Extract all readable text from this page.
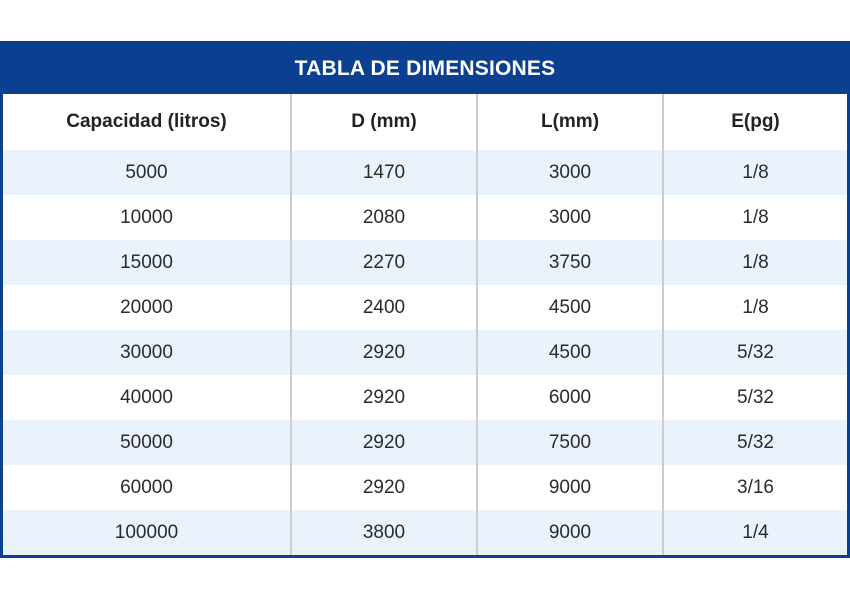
TABLA DE DIMENSIONES
Capacidad (litros)	D (mm)	L(mm)	E(pg)
5000	1470	3000	1/8
10000	2080	3000	1/8
15000	2270	3750	1/8
20000	2400	4500	1/8
30000	2920	4500	5/32
40000	2920	6000	5/32
50000	2920	7500	5/32
60000	2920	9000	3/16
100000	3800	9000	1/4
